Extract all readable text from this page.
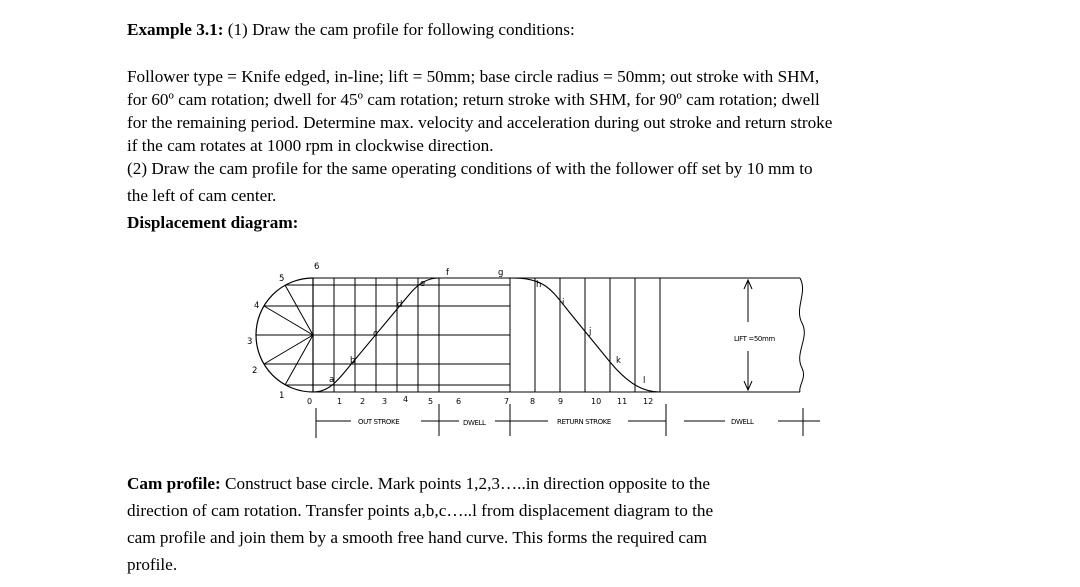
Example 3.1: (1) Draw the cam profile for following conditions:
Follower type = Knife edged, in-line; lift = 50mm; base circle radius = 50mm; out stroke with SHM,
for 60º cam rotation; dwell for 45º cam rotation; return stroke with SHM, for 90º cam rotation; dwell
for the remaining period. Determine max. velocity and acceleration during out stroke and return stroke
if the cam rotates at 1000 rpm in clockwise direction.
(2) Draw the cam profile for the same operating conditions of with the follower off set by 10 mm to
the left of cam center.
Displacement diagram:
LIFT =50mm
1
2
3
4
5
6
a
b
c
d
e
f	g
h
i
j
k
l
0	1 2 3 4 5	6	7	8	9	10 11 12
OUT STROKE	DWELL	RETURN STROKE	DWELL
Cam profile: Construct base circle. Mark points 1,2,3…..in direction opposite to the
direction of cam rotation. Transfer points a,b,c…..l from displacement diagram to the
cam profile and join them by a smooth free hand curve. This forms the required cam
profile.
